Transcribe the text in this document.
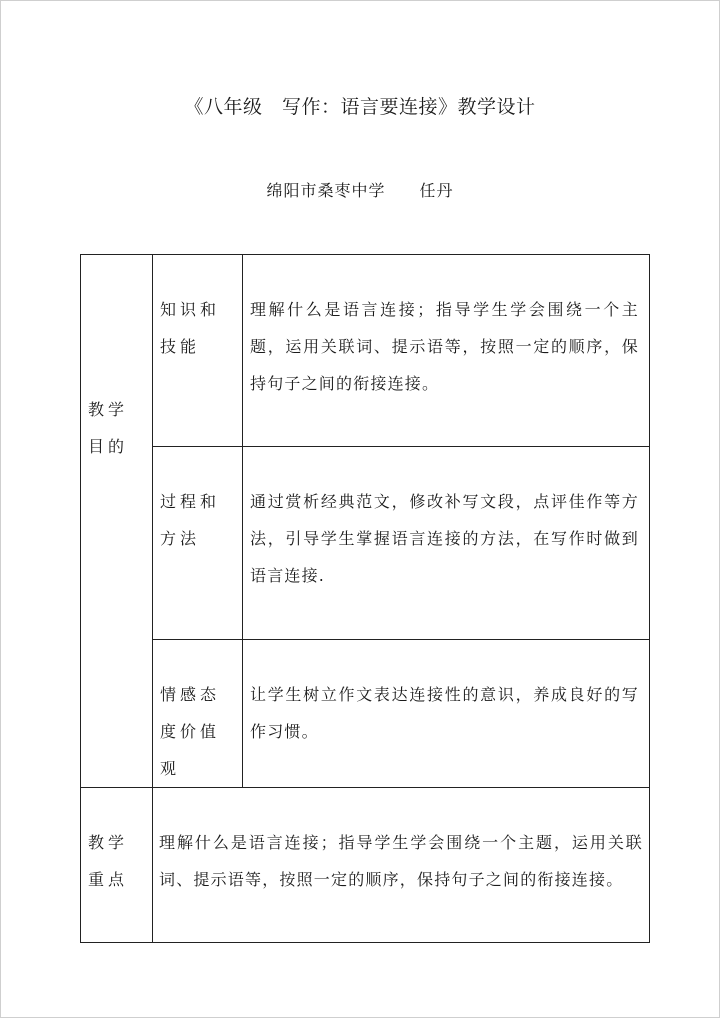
《八年级　写作：语言要连接》教学设计
绵阳市桑枣中学　　任丹
教学目的	知识和技能	理解什么是语言连接；指导学生学会围绕一个主题，运用关联词、提示语等，按照一定的顺序，保持句子之间的衔接连接。
	过程和方法	通过赏析经典范文，修改补写文段，点评佳作等方法，引导学生掌握语言连接的方法，在写作时做到语言连接.
	情感态度价值观	让学生树立作文表达连接性的意识，养成良好的写作习惯。
教学重点	理解什么是语言连接；指导学生学会围绕一个主题，运用关联词、提示语等，按照一定的顺序，保持句子之间的衔接连接。	
